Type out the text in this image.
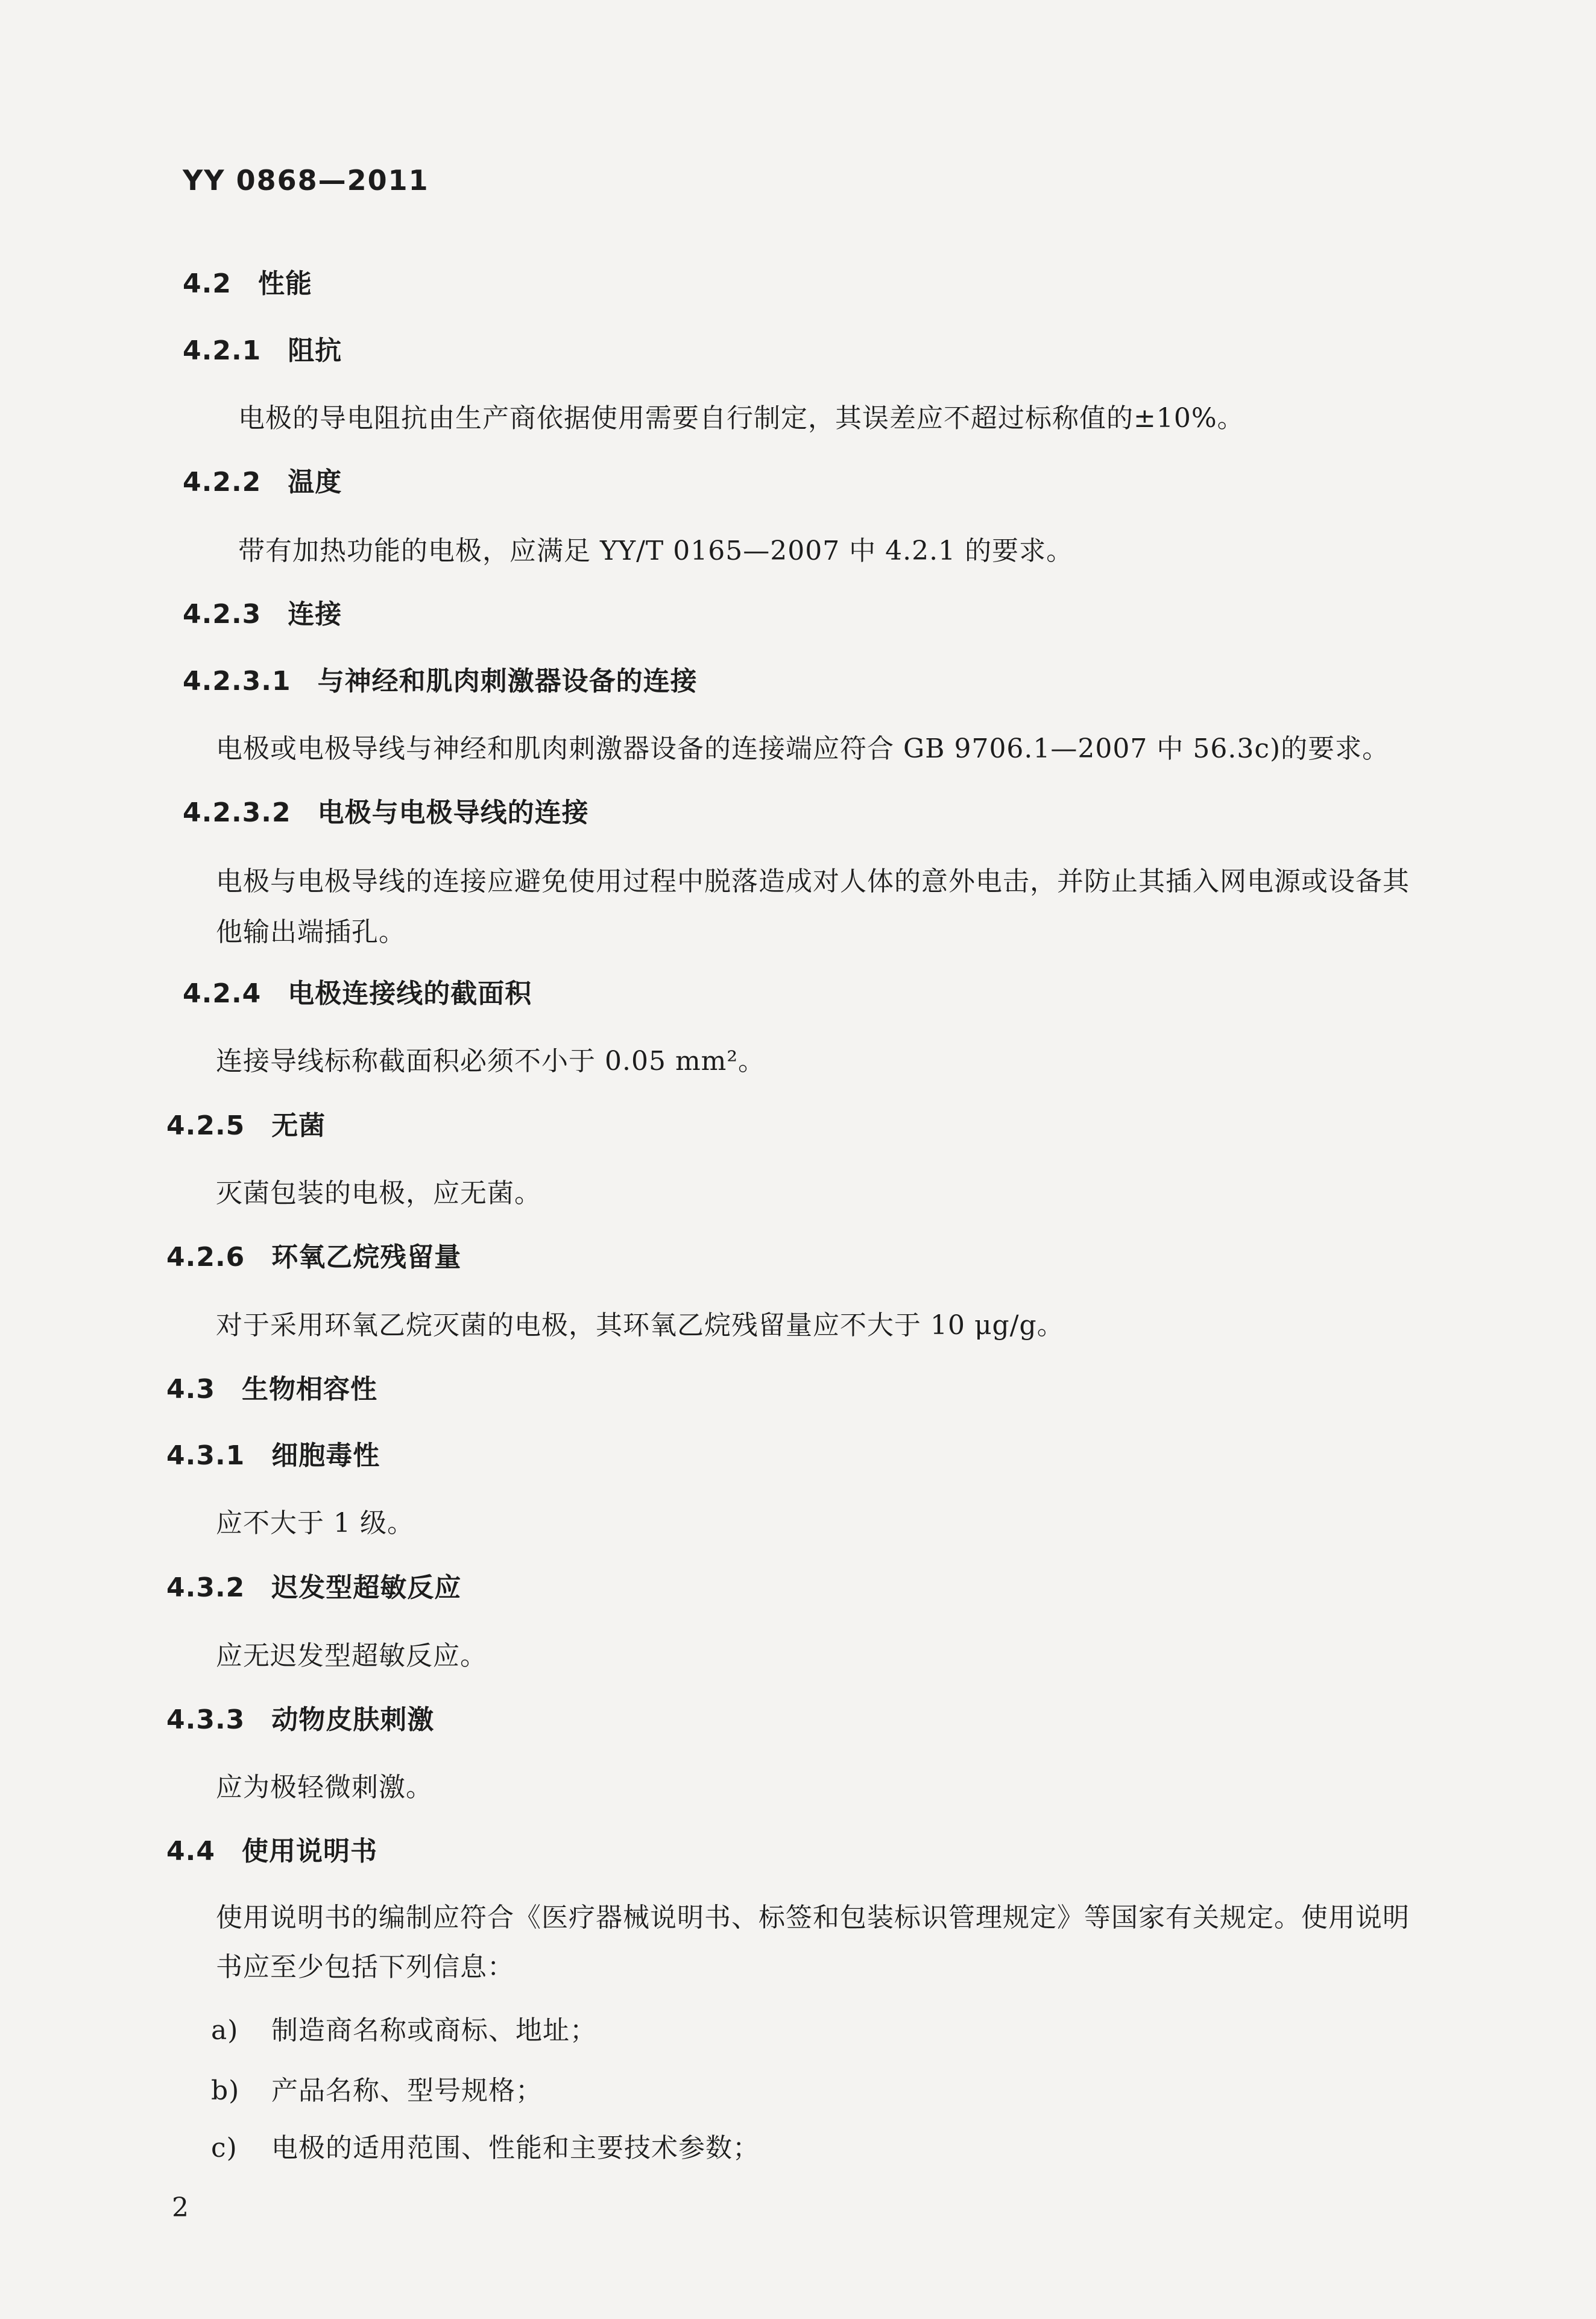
YY 0868—2011
4.2 性能
4.2.1 阻抗
电极的导电阻抗由生产商依据使用需要自行制定，其误差应不超过标称值的±10%。
4.2.2 温度
带有加热功能的电极，应满足 YY/T 0165—2007 中 4.2.1 的要求。
4.2.3 连接
4.2.3.1 与神经和肌肉刺激器设备的连接
电极或电极导线与神经和肌肉刺激器设备的连接端应符合 GB 9706.1—2007 中 56.3c)的要求。
4.2.3.2 电极与电极导线的连接
电极与电极导线的连接应避免使用过程中脱落造成对人体的意外电击，并防止其插入网电源或设备其他输出端插孔。
4.2.4 电极连接线的截面积
连接导线标称截面积必须不小于 0.05 mm²。
4.2.5 无菌
灭菌包装的电极，应无菌。
4.2.6 环氧乙烷残留量
对于采用环氧乙烷灭菌的电极，其环氧乙烷残留量应不大于 10 μg/g。
4.3 生物相容性
4.3.1 细胞毒性
应不大于 1 级。
4.3.2 迟发型超敏反应
应无迟发型超敏反应。
4.3.3 动物皮肤刺激
应为极轻微刺激。
4.4 使用说明书
使用说明书的编制应符合《医疗器械说明书、标签和包装标识管理规定》等国家有关规定。使用说明书应至少包括下列信息：
a) 制造商名称或商标、地址；
b) 产品名称、型号规格；
c) 电极的适用范围、性能和主要技术参数；
2
